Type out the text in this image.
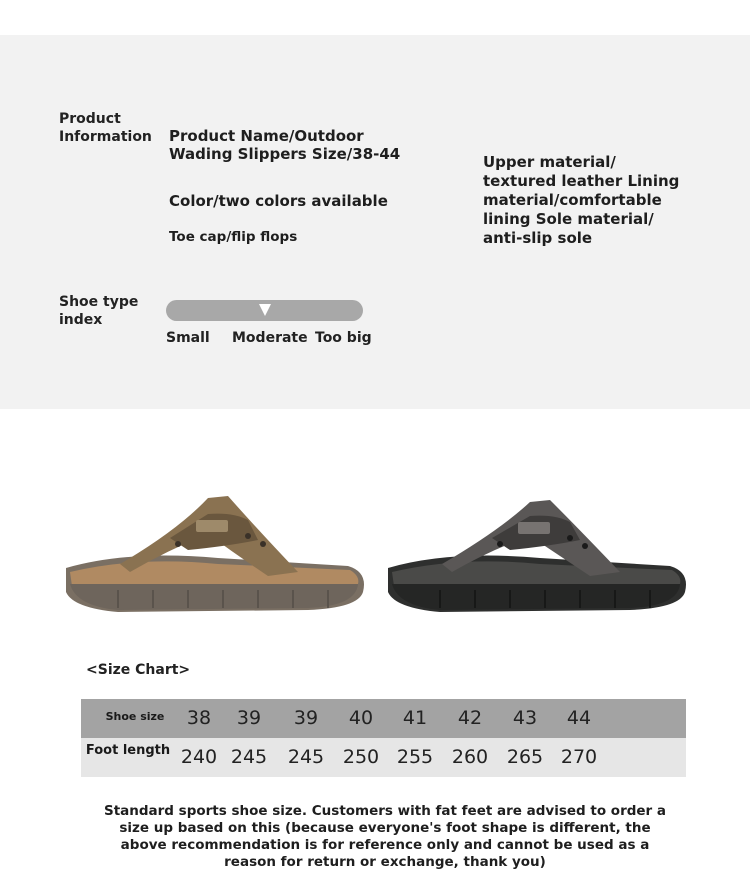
Product Information	Product Name/Outdoor Wading Slippers Size/38-44
Color/two colors available
Toe cap/flip flops
Upper material/ textured leather Lining material/comfortable lining Sole material/ anti-slip sole
Shoe type index
Small Moderate Too big
<Size Chart>
Shoe size	38	39	39	40	41	42	43	44
Foot length 240 245	245 250 255 260 265 270
Standard sports shoe size. Customers with fat feet are advised to order a size up based on this (because everyone's foot shape is different, the above recommendation is for reference only and cannot be used as a reason for return or exchange, thank you)
